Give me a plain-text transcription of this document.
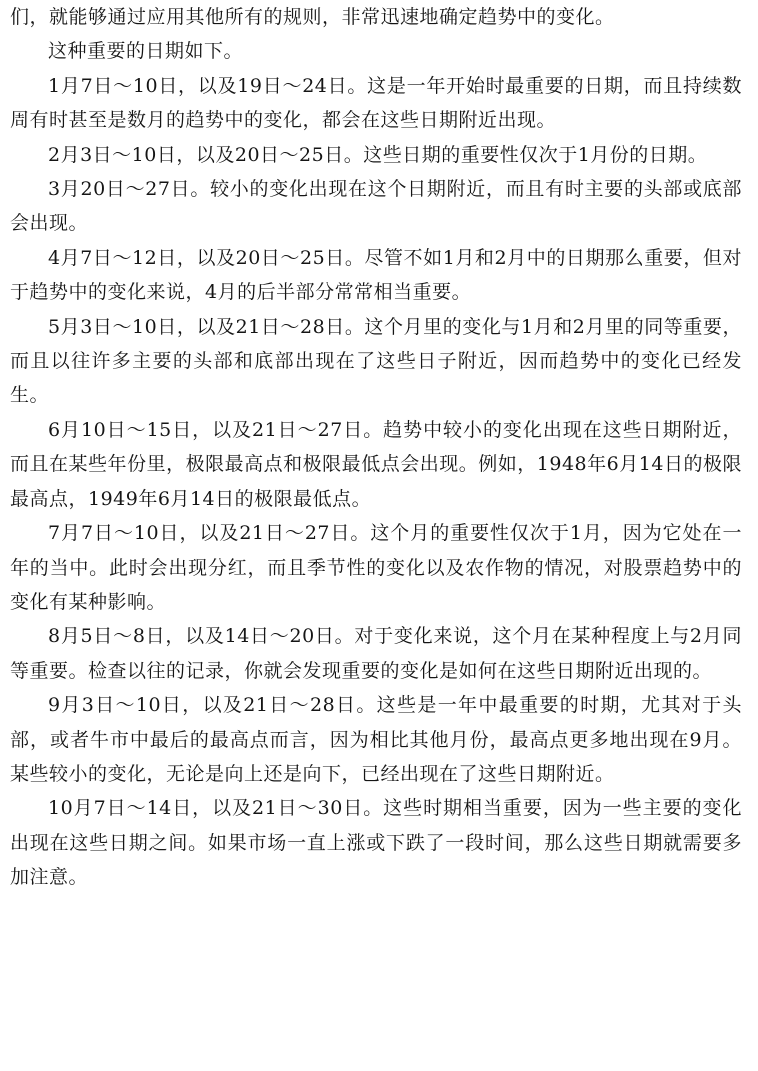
们，就能够通过应用其他所有的规则，非常迅速地确定趋势中的变化。

这种重要的日期如下。

1月7日～10日，以及19日～24日。这是一年开始时最重要的日期，而且持续数周有时甚至是数月的趋势中的变化，都会在这些日期附近出现。

2月3日～10日，以及20日～25日。这些日期的重要性仅次于1月份的日期。

3月20日～27日。较小的变化出现在这个日期附近，而且有时主要的头部或底部会出现。

4月7日～12日，以及20日～25日。尽管不如1月和2月中的日期那么重要，但对于趋势中的变化来说，4月的后半部分常常相当重要。

5月3日～10日，以及21日～28日。这个月里的变化与1月和2月里的同等重要，而且以往许多主要的头部和底部出现在了这些日子附近，因而趋势中的变化已经发生。

6月10日～15日，以及21日～27日。趋势中较小的变化出现在这些日期附近，而且在某些年份里，极限最高点和极限最低点会出现。例如，1948年6月14日的极限最高点，1949年6月14日的极限最低点。

7月7日～10日，以及21日～27日。这个月的重要性仅次于1月，因为它处在一年的当中。此时会出现分红，而且季节性的变化以及农作物的情况，对股票趋势中的变化有某种影响。

8月5日～8日，以及14日～20日。对于变化来说，这个月在某种程度上与2月同等重要。检查以往的记录，你就会发现重要的变化是如何在这些日期附近出现的。

9月3日～10日，以及21日～28日。这些是一年中最重要的时期，尤其对于头部，或者牛市中最后的最高点而言，因为相比其他月份，最高点更多地出现在9月。某些较小的变化，无论是向上还是向下，已经出现在了这些日期附近。

10月7日～14日，以及21日～30日。这些时期相当重要，因为一些主要的变化出现在这些日期之间。如果市场一直上涨或下跌了一段时间，那么这些日期就需要多加注意。
